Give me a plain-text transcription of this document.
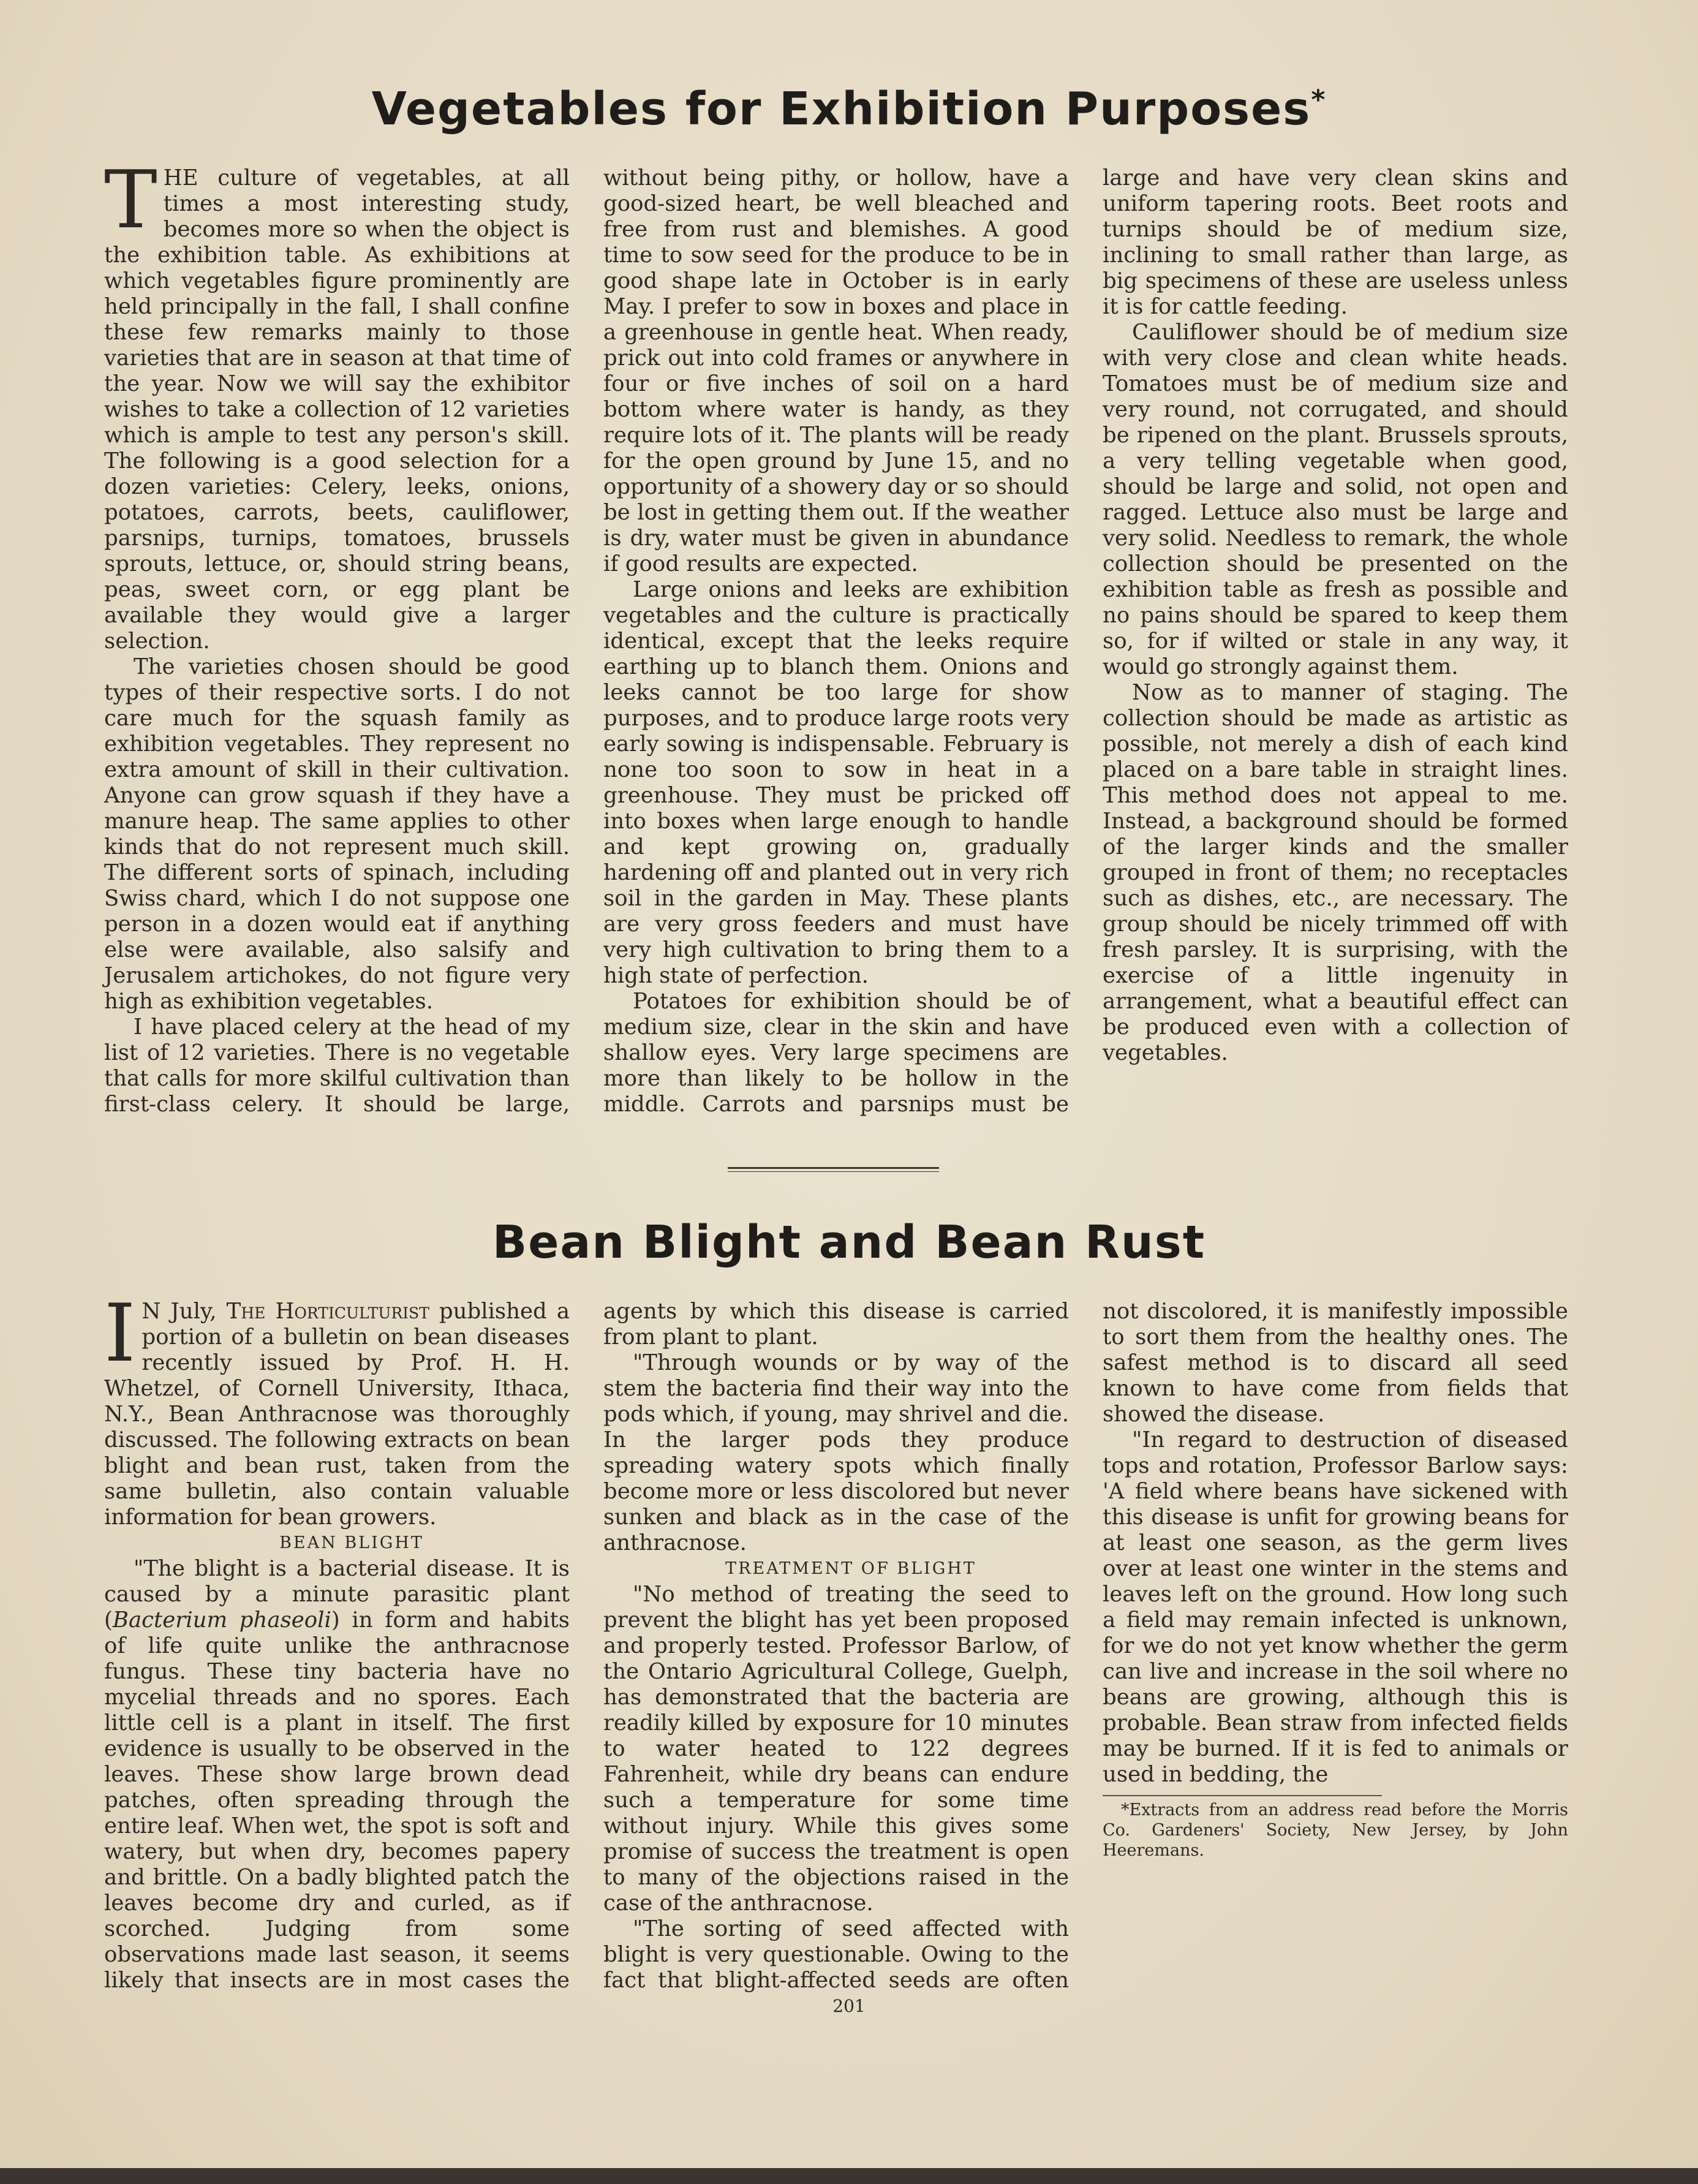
Vegetables for Exhibition Purposes*

THE culture of vegetables, at all times a most interesting study, becomes more so when the object is the exhibition table. As exhibitions at which vegetables figure prominently are held principally in the fall, I shall confine these few remarks mainly to those varieties that are in season at that time of the year. Now we will say the exhibitor wishes to take a collection of 12 varieties which is ample to test any person's skill. The following is a good selection for a dozen varieties: Celery, leeks, onions, potatoes, carrots, beets, cauliflower, parsnips, turnips, tomatoes, brussels sprouts, lettuce, or, should string beans, peas, sweet corn, or egg plant be available they would give a larger selection.

The varieties chosen should be good types of their respective sorts. I do not care much for the squash family as exhibition vegetables. They represent no extra amount of skill in their cultivation. Anyone can grow squash if they have a manure heap. The same applies to other kinds that do not represent much skill. The different sorts of spinach, including Swiss chard, which I do not suppose one person in a dozen would eat if anything else were available, also salsify and Jerusalem artichokes, do not figure very high as exhibition vegetables.

I have placed celery at the head of my list of 12 varieties. There is no vegetable that calls for more skilful cultivation than first-class celery. It should be large, without being pithy, or hollow, have a good-sized heart, be well bleached and free from rust and blemishes. A good time to sow seed for the produce to be in good shape late in October is in early May. I prefer to sow in boxes and place in a greenhouse in gentle heat. When ready, prick out into cold frames or anywhere in four or five inches of soil on a hard bottom where water is handy, as they require lots of it. The plants will be ready for the open ground by June 15, and no opportunity of a showery day or so should be lost in getting them out. If the weather is dry, water must be given in abundance if good results are expected.

Large onions and leeks are exhibition vegetables and the culture is practically identical, except that the leeks require earthing up to blanch them. Onions and leeks cannot be too large for show purposes, and to produce large roots very early sowing is indispensable. February is none too soon to sow in heat in a greenhouse. They must be pricked off into boxes when large enough to handle and kept growing on, gradually hardening off and planted out in very rich soil in the garden in May. These plants are very gross feeders and must have very high cultivation to bring them to a high state of perfection.

Potatoes for exhibition should be of medium size, clear in the skin and have shallow eyes. Very large specimens are more than likely to be hollow in the middle. Carrots and parsnips must be large and have very clean skins and uniform tapering roots. Beet roots and turnips should be of medium size, inclining to small rather than large, as big specimens of these are useless unless it is for cattle feeding.

Cauliflower should be of medium size with very close and clean white heads. Tomatoes must be of medium size and very round, not corrugated, and should be ripened on the plant. Brussels sprouts, a very telling vegetable when good, should be large and solid, not open and ragged. Lettuce also must be large and very solid. Needless to remark, the whole collection should be presented on the exhibition table as fresh as possible and no pains should be spared to keep them so, for if wilted or stale in any way, it would go strongly against them.

Now as to manner of staging. The collection should be made as artistic as possible, not merely a dish of each kind placed on a bare table in straight lines. This method does not appeal to me. Instead, a background should be formed of the larger kinds and the smaller grouped in front of them; no receptacles such as dishes, etc., are necessary. The group should be nicely trimmed off with fresh parsley. It is surprising, with the exercise of a little ingenuity in arrangement, what a beautiful effect can be produced even with a collection of vegetables.

Bean Blight and Bean Rust

I N July, The Horticulturist published a portion of a bulletin on bean diseases recently issued by Prof. H. H. Whetzel, of Cornell University, Ithaca, N.Y., Bean Anthracnose was thoroughly discussed. The following extracts on bean blight and bean rust, taken from the same bulletin, also contain valuable information for bean growers.

BEAN BLIGHT

"The blight is a bacterial disease. It is caused by a minute parasitic plant (Bacterium phaseoli) in form and habits of life quite unlike the anthracnose fungus. These tiny bacteria have no mycelial threads and no spores. Each little cell is a plant in itself. The first evidence is usually to be observed in the leaves. These show large brown dead patches, often spreading through the entire leaf. When wet, the spot is soft and watery, but when dry, becomes papery and brittle. On a badly blighted patch the leaves become dry and curled, as if scorched. Judging from some observations made last season, it seems likely that insects are in most cases the agents by which this disease is carried from plant to plant.

"Through wounds or by way of the stem the bacteria find their way into the pods which, if young, may shrivel and die. In the larger pods they produce spreading watery spots which finally become more or less discolored but never sunken and black as in the case of the anthracnose.

TREATMENT OF BLIGHT

"No method of treating the seed to prevent the blight has yet been proposed and properly tested. Professor Barlow, of the Ontario Agricultural College, Guelph, has demonstrated that the bacteria are readily killed by exposure for 10 minutes to water heated to 122 degrees Fahrenheit, while dry beans can endure such a temperature for some time without injury. While this gives some promise of success the treatment is open to many of the objections raised in the case of the anthracnose.

"The sorting of seed affected with blight is very questionable. Owing to the fact that blight-affected seeds are often not discolored, it is manifestly impossible to sort them from the healthy ones. The safest method is to discard all seed known to have come from fields that showed the disease.

"In regard to destruction of diseased tops and rotation, Professor Barlow says: 'A field where beans have sickened with this disease is unfit for growing beans for at least one season, as the germ lives over at least one winter in the stems and leaves left on the ground. How long such a field may remain infected is unknown, for we do not yet know whether the germ can live and increase in the soil where no beans are growing, although this is probable. Bean straw from infected fields may be burned. If it is fed to animals or used in bedding, the

*Extracts from an address read before the Morris Co. Gardeners' Society, New Jersey, by John Heeremans.

201
